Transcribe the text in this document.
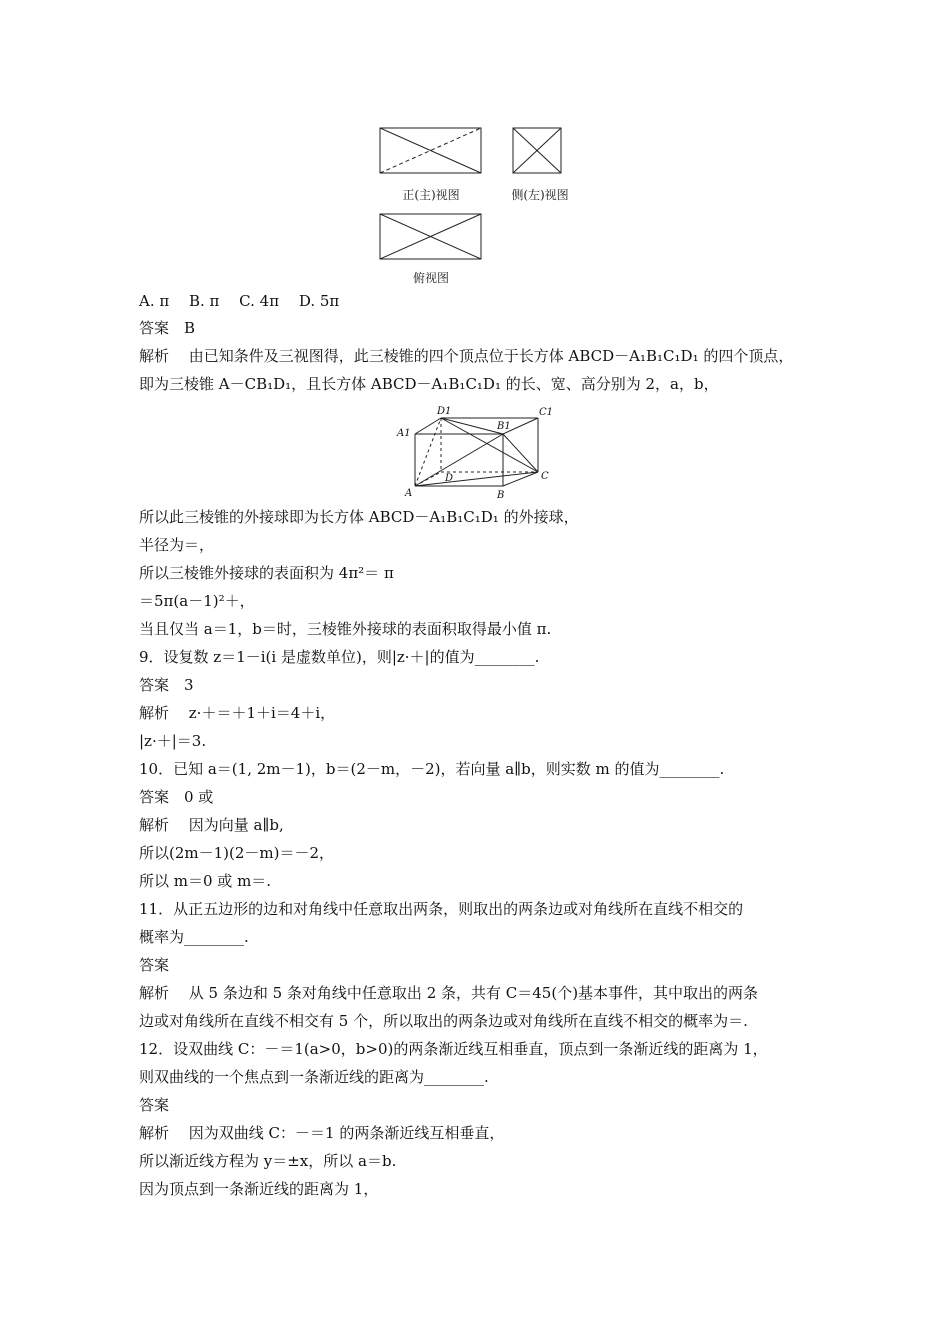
正(主)视图	侧(左)视图
俯视图
D1	C1
A1
B1
D	C
A	B
A. π　 B. π　 C. 4π　 D. 5π
答案　B
解析　 由已知条件及三视图得，此三棱锥的四个顶点位于长方体 ABCD－A₁B₁C₁D₁ 的四个顶点，
即为三棱锥 A－CB₁D₁，且长方体 ABCD－A₁B₁C₁D₁ 的长、宽、高分别为 2，a，b，
所以此三棱锥的外接球即为长方体 ABCD－A₁B₁C₁D₁ 的外接球，
半径为＝，
所以三棱锥外接球的表面积为 4π²＝ π
＝5π(a－1)²＋，
当且仅当 a＝1，b＝时，三棱锥外接球的表面积取得最小值 π.
9．设复数 z＝1－i(i 是虚数单位)，则|z·＋|的值为________.
答案　3
解析　 z·＋＝＋1＋i＝4＋i，
|z·＋|＝3.
10．已知 a＝(1, 2m－1)，b＝(2－m，－2)，若向量 a∥b，则实数 m 的值为________.
答案　0 或
解析　 因为向量 a∥b,
所以(2m－1)(2－m)＝－2，
所以 m＝0 或 m＝.
11．从正五边形的边和对角线中任意取出两条，则取出的两条边或对角线所在直线不相交的
概率为________.
答案
解析　 从 5 条边和 5 条对角线中任意取出 2 条，共有 C＝45(个)基本事件，其中取出的两条
边或对角线所在直线不相交有 5 个，所以取出的两条边或对角线所在直线不相交的概率为＝.
12．设双曲线 C：－＝1(a>0，b>0)的两条渐近线互相垂直，顶点到一条渐近线的距离为 1，
则双曲线的一个焦点到一条渐近线的距离为________.
答案
解析　 因为双曲线 C：－＝1 的两条渐近线互相垂直，
所以渐近线方程为 y＝±x，所以 a＝b.
因为顶点到一条渐近线的距离为 1，
